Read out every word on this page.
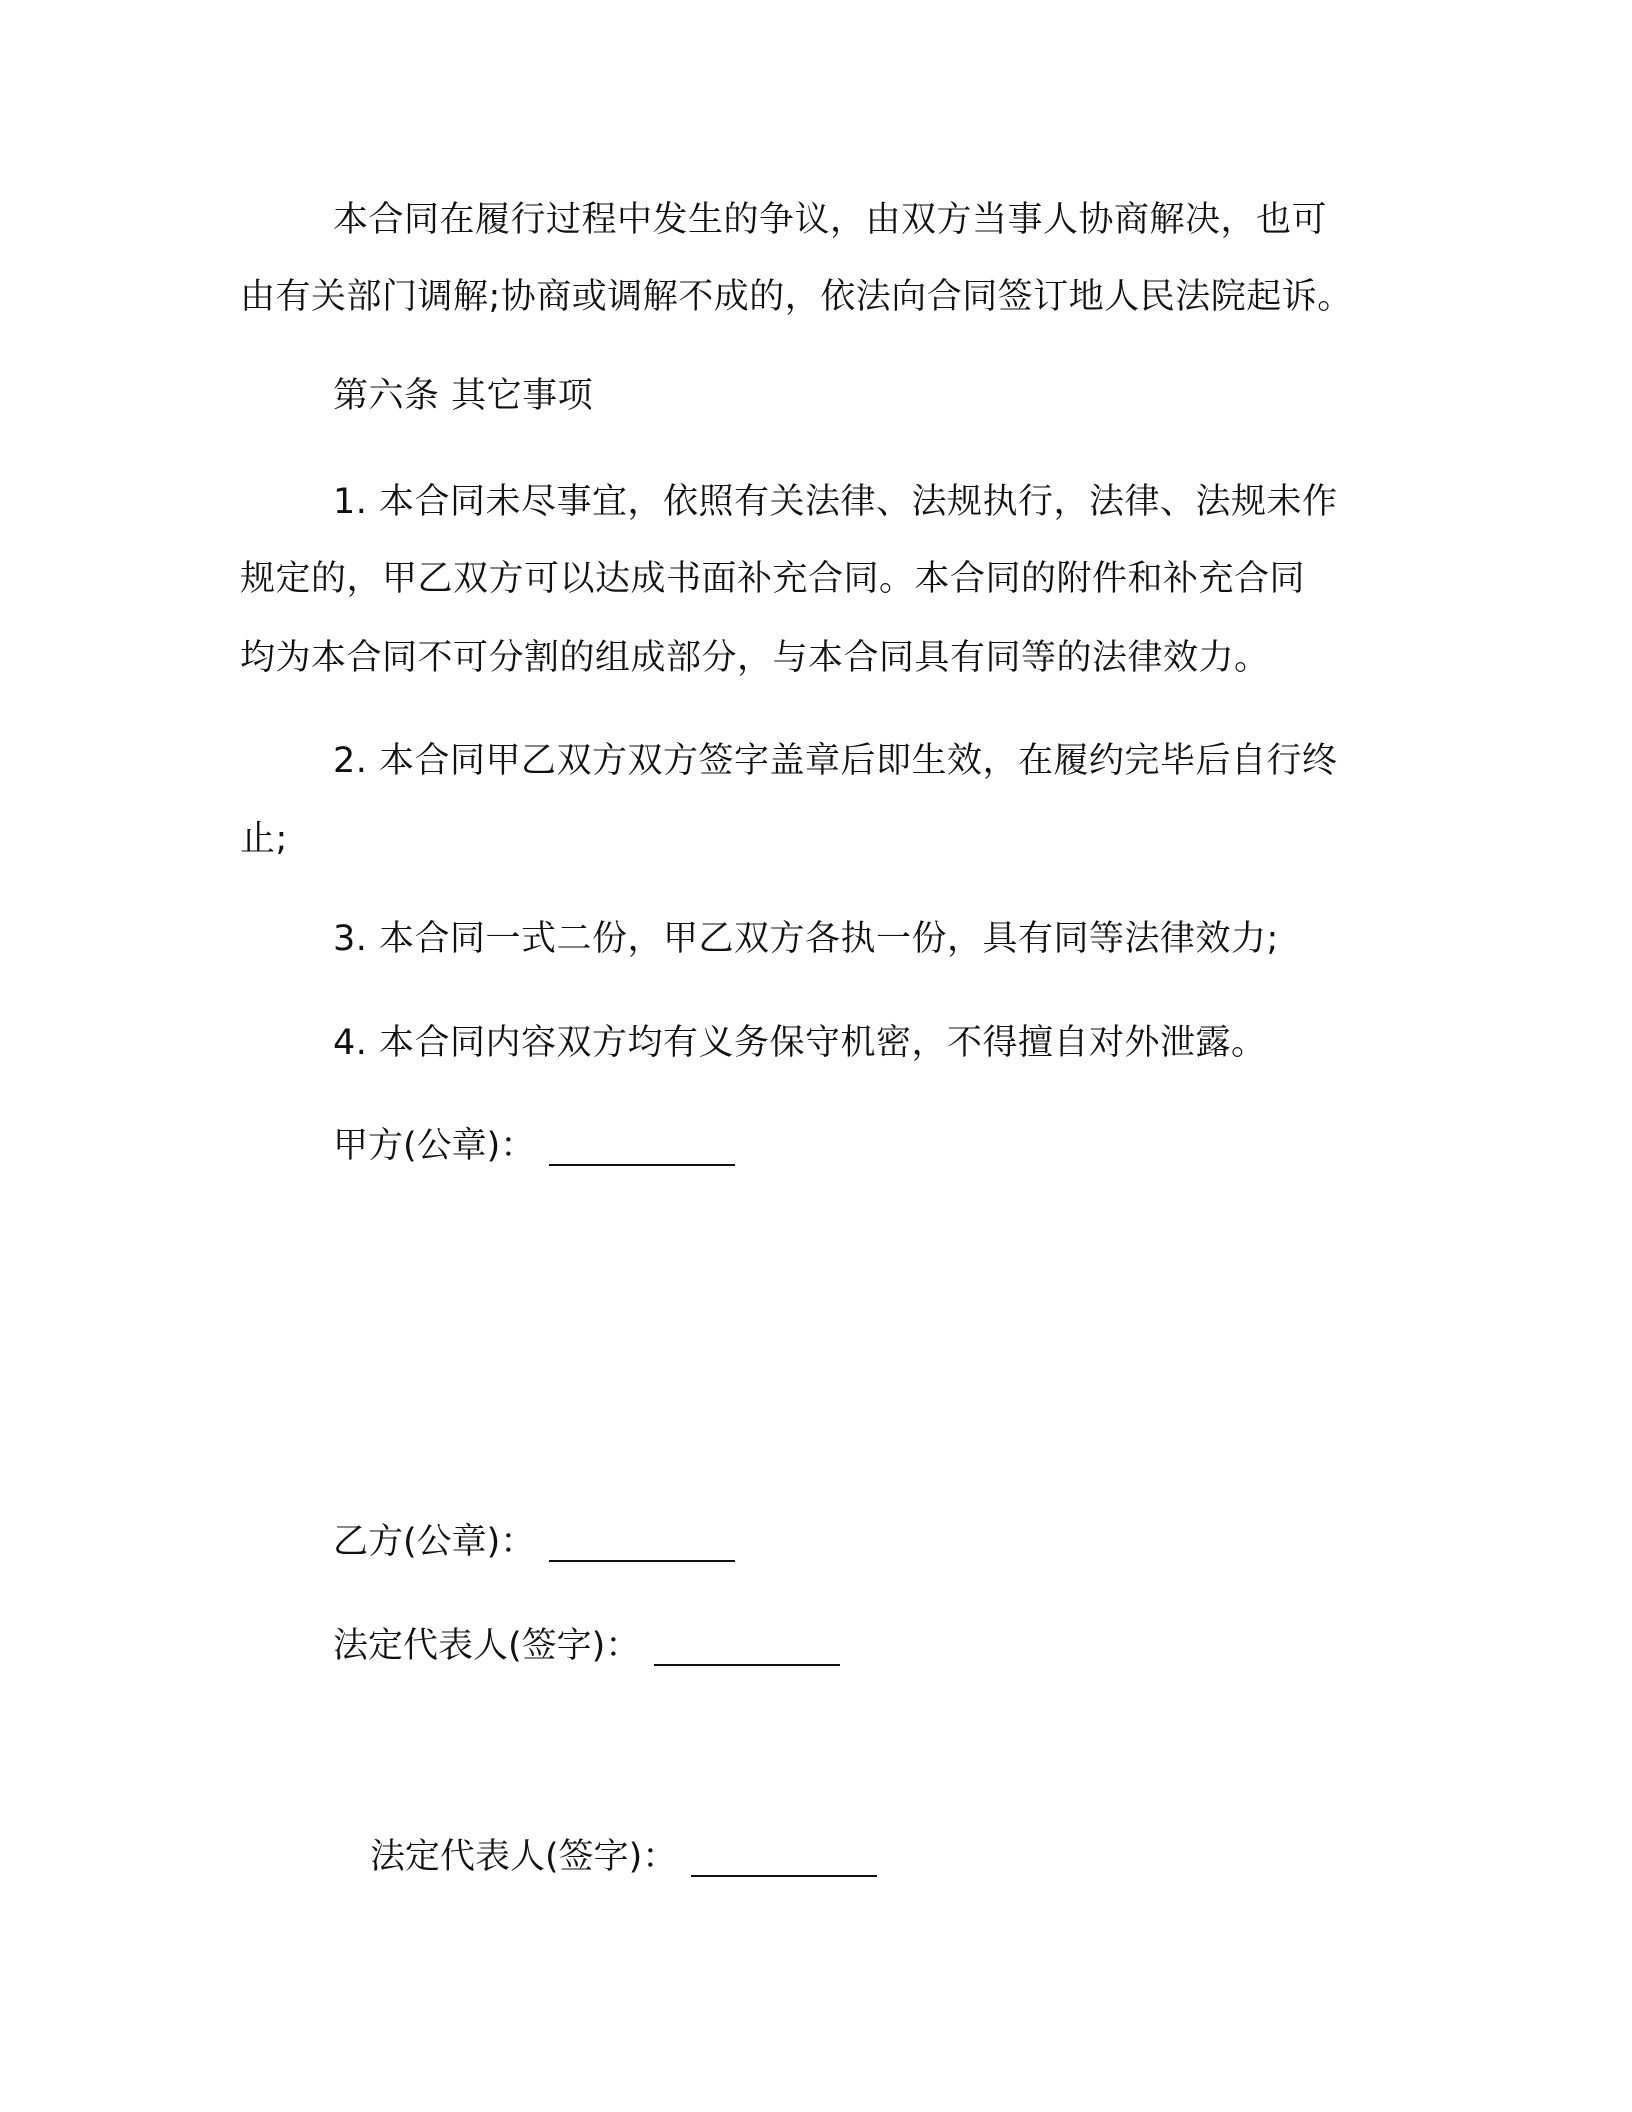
本合同在履行过程中发生的争议，由双方当事人协商解决，也可
由有关部门调解;协商或调解不成的，依法向合同签订地人民法院起诉。
第六条 其它事项
1. 本合同未尽事宜，依照有关法律、法规执行，法律、法规未作
规定的，甲乙双方可以达成书面补充合同。本合同的附件和补充合同
均为本合同不可分割的组成部分，与本合同具有同等的法律效力。
2. 本合同甲乙双方双方签字盖章后即生效，在履约完毕后自行终
止;
3. 本合同一式二份，甲乙双方各执一份，具有同等法律效力;
4. 本合同内容双方均有义务保守机密，不得擅自对外泄露。
甲方(公章)：
乙方(公章)：
法定代表人(签字)：
法定代表人(签字)：
